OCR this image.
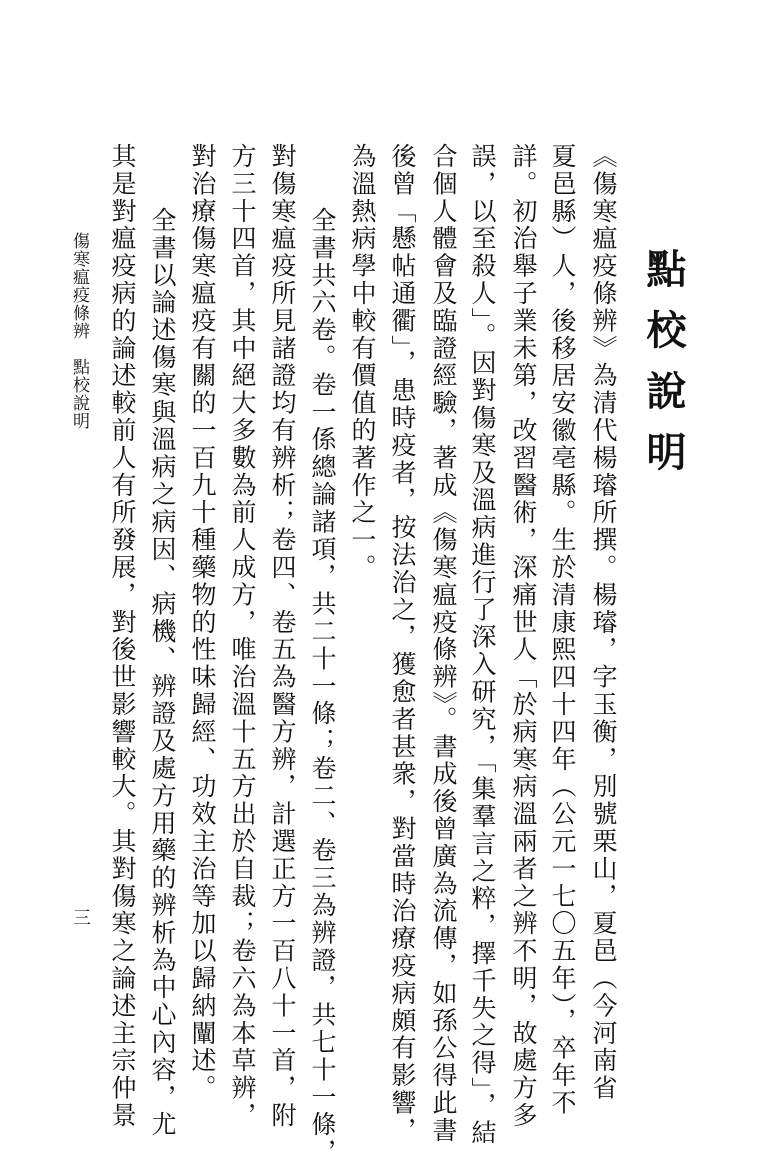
點校說明
《傷寒瘟疫條辨》為清代楊璿所撰。楊璿，字玉衡，別號栗山，夏邑（今河南省
夏邑縣）人，後移居安徽亳縣。生於清康熙四十四年（公元一七〇五年），卒年不
詳。初治舉子業未第，改習醫術，深痛世人「於病寒病溫兩者之辨不明，故處方多
誤，以至殺人」。因對傷寒及溫病進行了深入研究，「集羣言之粹，擇千失之得」，結
合個人體會及臨證經驗，著成《傷寒瘟疫條辨》。書成後曾廣為流傳，如孫公得此書
後曾「懸帖通衢」，患時疫者，按法治之，獲愈者甚衆，對當時治療疫病頗有影響，
為溫熱病學中較有價值的著作之一。
全書共六卷。卷一係總論諸項，共二十一條；卷二、卷三為辨證，共七十一條，
對傷寒瘟疫所見諸證均有辨析；卷四、卷五為醫方辨，計選正方一百八十一首，附
方三十四首，其中絕大多數為前人成方，唯治溫十五方出於自裁；卷六為本草辨，
對治療傷寒瘟疫有關的一百九十種藥物的性味歸經、功效主治等加以歸納闡述。
全書以論述傷寒與溫病之病因、病機、辨證及處方用藥的辨析為中心內容，尤
其是對瘟疫病的論述較前人有所發展，對後世影響較大。其對傷寒之論述主宗仲景
傷寒瘟疫條辨點校說明
三
